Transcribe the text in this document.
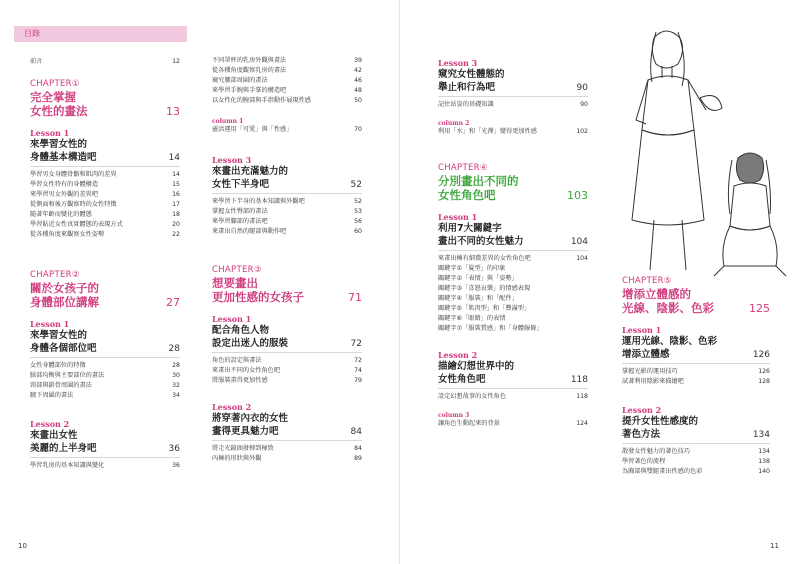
目錄
前言	12
CHAPTER①
完全掌握
女性的畫法	13
Lesson 1
來學習女性的
身體基本構造吧	14
學習男女身體骨骼和肌肉的差異	14
學習女性特有的身體構造	15
來學習男女外觀的差異吧	16
從側面和後方觀察時的女性特徵	17
隨著年齡而變化的體態	18
學習貼近女性真實體態的表現方式	20
從各種角度來觀察女性姿勢	22
CHAPTER②
關於女孩子的
身體部位講解	27
Lesson 1
來學習女性的
身體各個部位吧	28
女性身體部位的特徵	28
臉部均衡與主要部位的畫法	30
頸部與鎖骨周圍的畫法	32
腋下周圍的畫法	34
Lesson 2
來畫出女性
美麗的上半身吧	36
學習乳房的基本知識與變化	36
不同罩杯的乳房外觀與畫法	39
從各種角度觀察乳房的畫法	42
窺究腰部周圍的畫法	46
來學習手腕與手掌的構造吧	48
以女性化的腕部與手指動作展現性感	50
column 1
靈活運用「可愛」與「性感」	70
Lesson 3
來畫出充滿魅力的
女性下半身吧	52
來學習下半身的基本知識與外觀吧	52
掌握女性臀部的畫法	53
來學習腳部的畫法吧	56
來畫出自然的腿部與動作吧	60
CHAPTER③
想要畫出
更加性感的女孩子	71
Lesson 1
配合角色人物
設定出迷人的服裝	72
角色的設定與畫法	72
來畫出不同的女性角色吧	74
將服裝畫得更加性感	79
Lesson 2
將穿著內衣的女性
畫得更具魅力吧	84
將走光鏡頭發揮到極致	84
內褲的形狀與外觀	89
Lesson 3
窺究女性體態的
舉止和行為吧	90
記住站姿的基礎知識	90
column 2
利用「水」和「光澤」變得更加性感	102
CHAPTER④
分別畫出不同的
女性角色吧	103
Lesson 1
利用7大關鍵字
畫出不同的女性魅力	104
來畫出擁有細微差異的女性角色吧	104
關鍵字①「髮型」的印象
關鍵字②「表情」與「姿勢」
關鍵字③「喜怒哀樂」的情感表現
關鍵字④「服裝」和「配件」
關鍵字⑤「肌肉型」和「豐滿型」
關鍵字⑥「眼睛」的表情
關鍵字⑦「服裝質感」和「身體線條」
Lesson 2
描繪幻想世界中的
女性角色吧	118
設定幻想故事的女性角色	118
column 3
讓角色生動起來的背景	124
CHAPTER⑤
增添立體感的
光線、陰影、色彩	125
Lesson 1
運用光線、陰影、色彩
增添立體感	126
掌握光影的運用技巧	126
試著利用陰影來描繪吧	128
Lesson 2
提升女性性感度的
著色方法	134
散發女性魅力的著色技巧	134
學習著色的流程	138
為胸部與雙腿畫出性感的色彩	140
10	11
